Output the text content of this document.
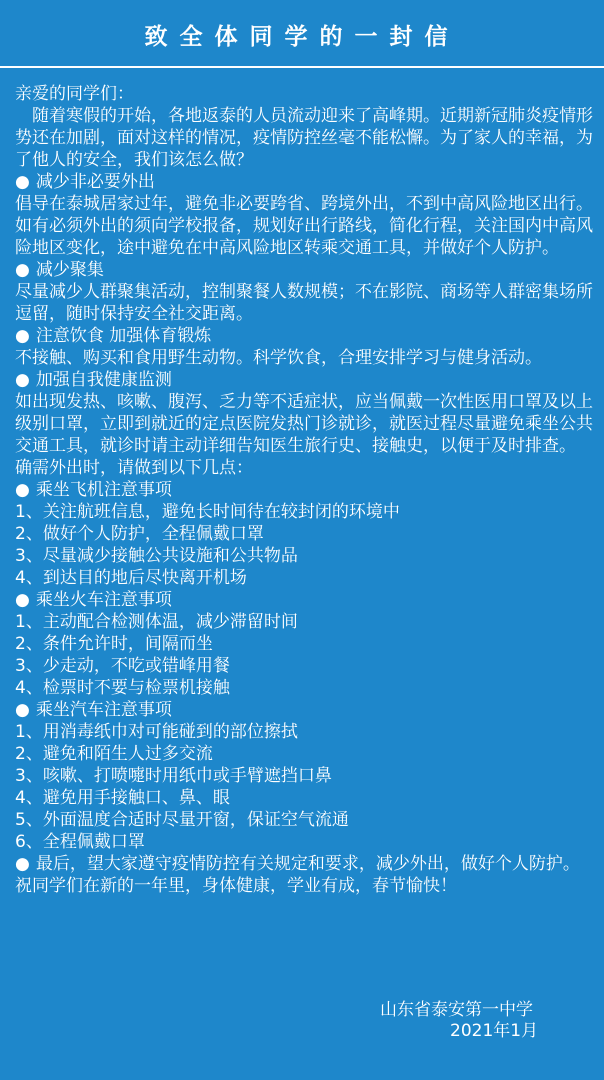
致全体同学的一封信

亲爱的同学们：

随着寒假的开始，各地返泰的人员流动迎来了高峰期。近期新冠肺炎疫情形势还在加剧，面对这样的情况，疫情防控丝毫不能松懈。为了家人的幸福，为了他人的安全，我们该怎么做？

● 减少非必要外出

倡导在泰城居家过年，避免非必要跨省、跨境外出，不到中高风险地区出行。如有必须外出的须向学校报备，规划好出行路线，简化行程，关注国内中高风险地区变化，途中避免在中高风险地区转乘交通工具，并做好个人防护。

● 减少聚集

尽量减少人群聚集活动，控制聚餐人数规模；不在影院、商场等人群密集场所逗留，随时保持安全社交距离。

● 注意饮食 加强体育锻炼

不接触、购买和食用野生动物。科学饮食，合理安排学习与健身活动。

● 加强自我健康监测

如出现发热、咳嗽、腹泻、乏力等不适症状，应当佩戴一次性医用口罩及以上级别口罩，立即到就近的定点医院发热门诊就诊，就医过程尽量避免乘坐公共交通工具，就诊时请主动详细告知医生旅行史、接触史，以便于及时排查。

确需外出时，请做到以下几点：

● 乘坐飞机注意事项

1、关注航班信息，避免长时间待在较封闭的环境中

2、做好个人防护，全程佩戴口罩

3、尽量减少接触公共设施和公共物品

4、到达目的地后尽快离开机场

● 乘坐火车注意事项

1、主动配合检测体温，减少滞留时间

2、条件允许时，间隔而坐

3、少走动，不吃或错峰用餐

4、检票时不要与检票机接触

● 乘坐汽车注意事项

1、用消毒纸巾对可能碰到的部位擦拭

2、避免和陌生人过多交流

3、咳嗽、打喷嚏时用纸巾或手臂遮挡口鼻

4、避免用手接触口、鼻、眼

5、外面温度合适时尽量开窗，保证空气流通

6、全程佩戴口罩

● 最后，望大家遵守疫情防控有关规定和要求，减少外出，做好个人防护。

祝同学们在新的一年里，身体健康，学业有成，春节愉快！

山东省泰安第一中学
2021年1月
